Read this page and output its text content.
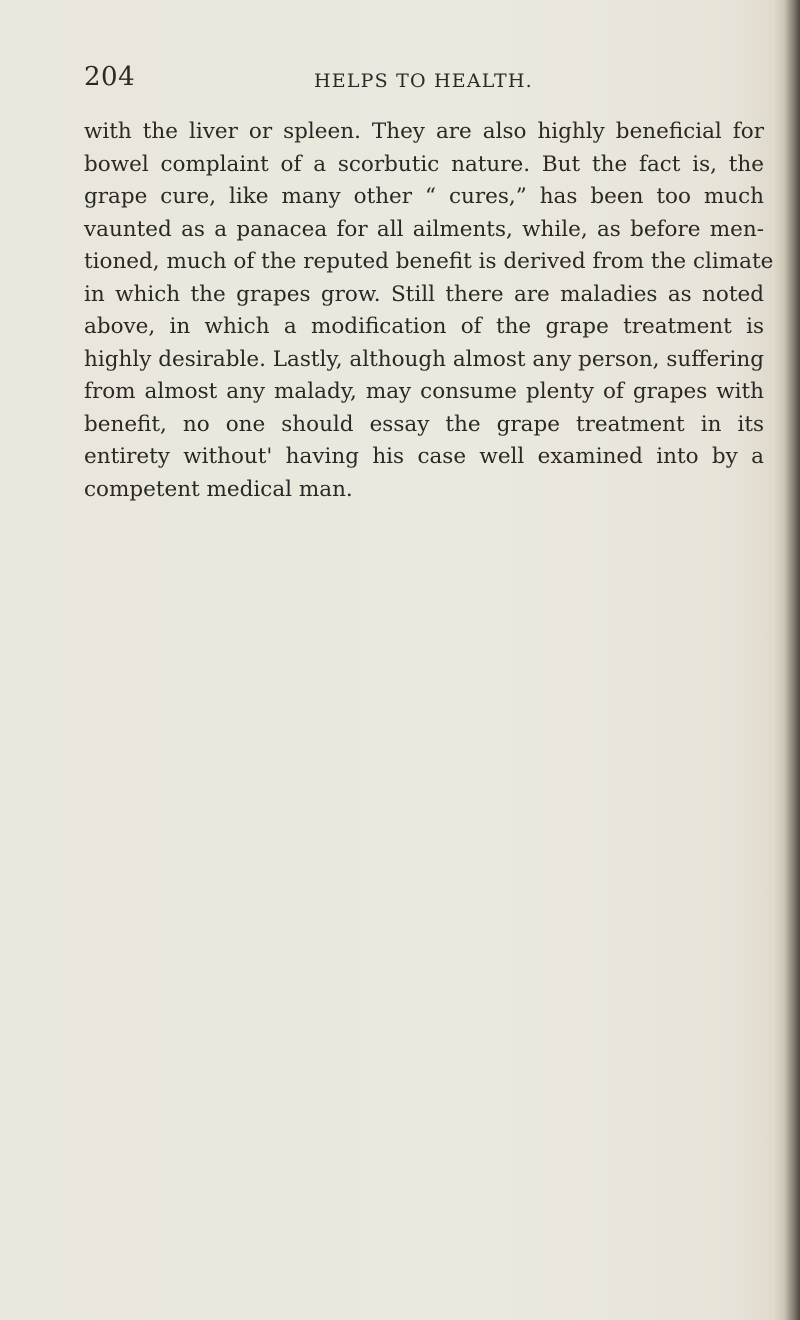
204	HELPS TO HEALTH.
with the liver or spleen. They are also highly beneficial for
bowel complaint of a scorbutic nature. But the fact is, the
grape cure, like many other “ cures,” has been too much
vaunted as a panacea for all ailments, while, as before men-
tioned, much of the reputed benefit is derived from the climate
in which the grapes grow. Still there are maladies as noted
above, in which a modification of the grape treatment is
highly desirable. Lastly, although almost any person, suffering
from almost any malady, may consume plenty of grapes with
benefit, no one should essay the grape treatment in its
entirety without' having his case well examined into by a
competent medical man.
